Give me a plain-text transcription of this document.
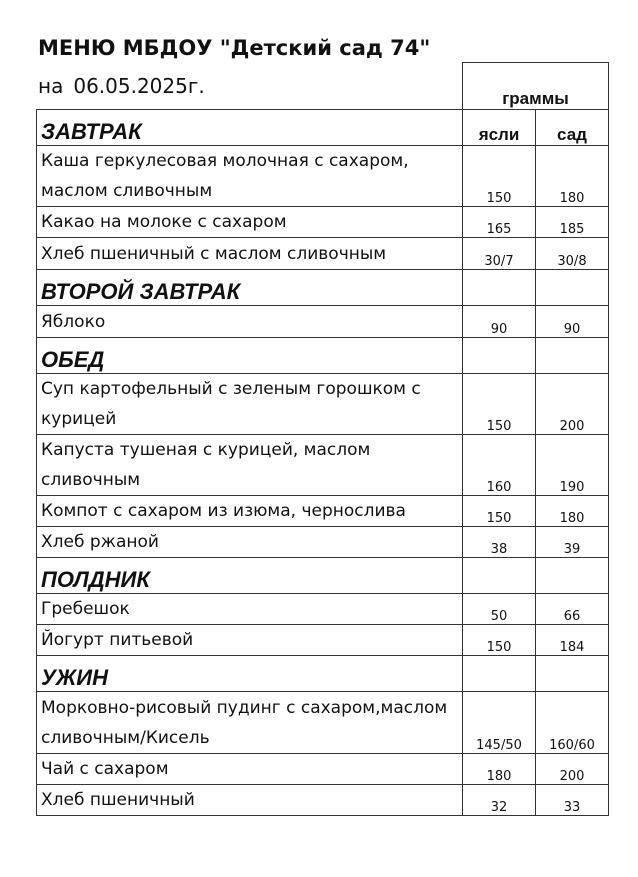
МЕНЮ МБДОУ "Детский сад 74"
на 06.05.2025г.
	граммы	
ЗАВТРАК	ясли	сад
Каша геркулесовая молочная с сахаром, маслом сливочным	150	180
Какао на молоке с сахаром	165	185
Хлеб пшеничный с маслом сливочным	30/7	30/8
ВТОРОЙ ЗАВТРАК		
Яблоко	90	90
ОБЕД		
Суп картофельный с зеленым горошком с курицей	150	200
Капуста тушеная с курицей, маслом сливочным	160	190
Компот с сахаром из изюма, чернослива	150	180
Хлеб ржаной	38	39
ПОЛДНИК		
Гребешок	50	66
Йогурт питьевой	150	184
УЖИН		
Морковно-рисовый пудинг с сахаром,маслом сливочным/Кисель	145/50	160/60
Чай с сахаром	180	200
Хлеб пшеничный	32	33
